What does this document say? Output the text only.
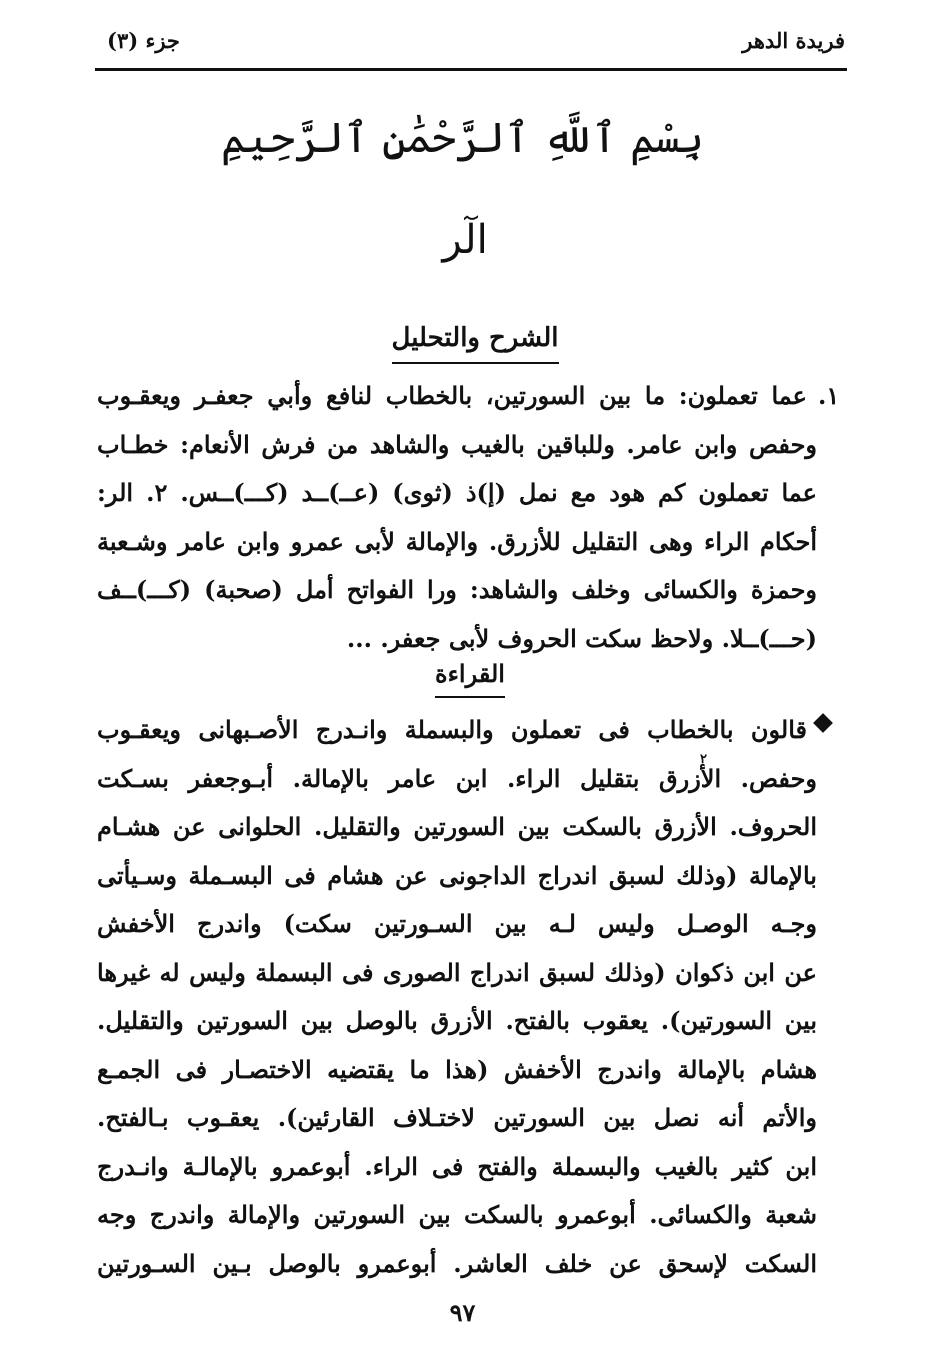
فريدة الدهر
جزء (٣)
بِسْمِ ٱللَّهِ ٱلرَّحْمَٰنِ ٱلرَّحِيمِ
الٓر
الشرح والتحليل
١.
عما تعملون: ما بين السورتين، بالخطاب لنافع وأبي جعفـر ويعقـوب
وحفص وابن عامر. وللباقين بالغيب والشاهد من فرش الأنعام: خطـاب
عما تعملون كم هود مع نمل (إ)ذ (ثوى) (عــ)ــد (كـــ)ــس. ٢. الر:
أحكام الراء وهى التقليل للأزرق. والإمالة لأبى عمرو وابن عامر وشـعبة
وحمزة والكسائى وخلف والشاهد: ورا الفواتح أمل (صحبة) (كـــ)ــف
(حـــ)ــلا. ولاحظ سكت الحروف لأبى جعفر. ...
القراءة
٢
قالون بالخطاب فى تعملون والبسملة وانـدرج الأصـبهانى ويعقـوب
وحفص. الأزرق بتقليل الراء. ابن عامر بالإمالة. أبـوجعفر بسـكت
الحروف. الأزرق بالسكت بين السورتين والتقليل. الحلوانى عن هشـام
بالإمالة (وذلك لسبق اندراج الداجونى عن هشام فى البسـملة وسـيأتى
وجـه الوصـل وليس لـه بين السـورتين سكت) واندرج الأخفش
عن ابن ذكوان (وذلك لسبق اندراج الصورى فى البسملة وليس له غيرها
بين السورتين). يعقوب بالفتح. الأزرق بالوصل بين السورتين والتقليل.
هشام بالإمالة واندرج الأخفش (هذا ما يقتضيه الاختصـار فى الجمـع
والأتم أنه نصل بين السورتين لاختـلاف القارئين). يعقـوب بـالفتح.
ابن كثير بالغيب والبسملة والفتح فى الراء. أبوعمرو بالإمالـة وانـدرج
شعبة والكسائى. أبوعمرو بالسكت بين السورتين والإمالة واندرج وجه
السكت لإسحق عن خلف العاشر. أبوعمرو بالوصل بـين السـورتين
٩٧
